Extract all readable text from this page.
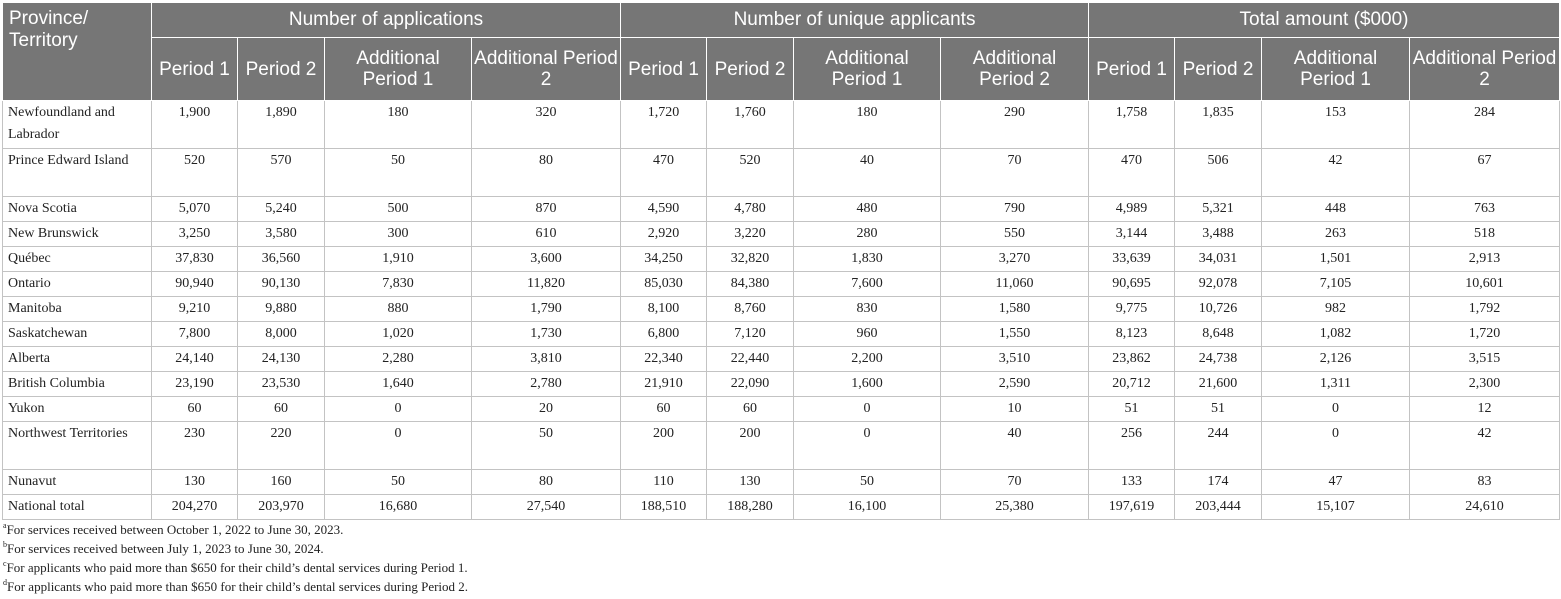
Province/ Territory	Number of applications				Number of unique applicants				Total amount ($000)			
	Period 1	Period 2	Additional Period 1	Additional Period 2	Period 1	Period 2	Additional Period 1	Additional Period 2	Period 1	Period 2	Additional Period 1	Additional Period 2
Newfoundland and Labrador	1,900	1,890	180	320	1,720	1,760	180	290	1,758	1,835	153	284
Prince Edward Island	520	570	50	80	470	520	40	70	470	506	42	67
Nova Scotia	5,070	5,240	500	870	4,590	4,780	480	790	4,989	5,321	448	763
New Brunswick	3,250	3,580	300	610	2,920	3,220	280	550	3,144	3,488	263	518
Québec	37,830	36,560	1,910	3,600	34,250	32,820	1,830	3,270	33,639	34,031	1,501	2,913
Ontario	90,940	90,130	7,830	11,820	85,030	84,380	7,600	11,060	90,695	92,078	7,105	10,601
Manitoba	9,210	9,880	880	1,790	8,100	8,760	830	1,580	9,775	10,726	982	1,792
Saskatchewan	7,800	8,000	1,020	1,730	6,800	7,120	960	1,550	8,123	8,648	1,082	1,720
Alberta	24,140	24,130	2,280	3,810	22,340	22,440	2,200	3,510	23,862	24,738	2,126	3,515
British Columbia	23,190	23,530	1,640	2,780	21,910	22,090	1,600	2,590	20,712	21,600	1,311	2,300
Yukon	60	60	0	20	60	60	0	10	51	51	0	12
Northwest Territories	230	220	0	50	200	200	0	40	256	244	0	42
Nunavut	130	160	50	80	110	130	50	70	133	174	47	83
National total	204,270	203,970	16,680	27,540	188,510	188,280	16,100	25,380	197,619	203,444	15,107	24,610
$^a$For services received between October 1, 2022 to June 30, 2023.
$^b$For services received between July 1, 2023 to June 30, 2024.
$^c$For applicants who paid more than $650 for their child’s dental services during Period 1.
$^d$For applicants who paid more than $650 for their child’s dental services during Period 2.
